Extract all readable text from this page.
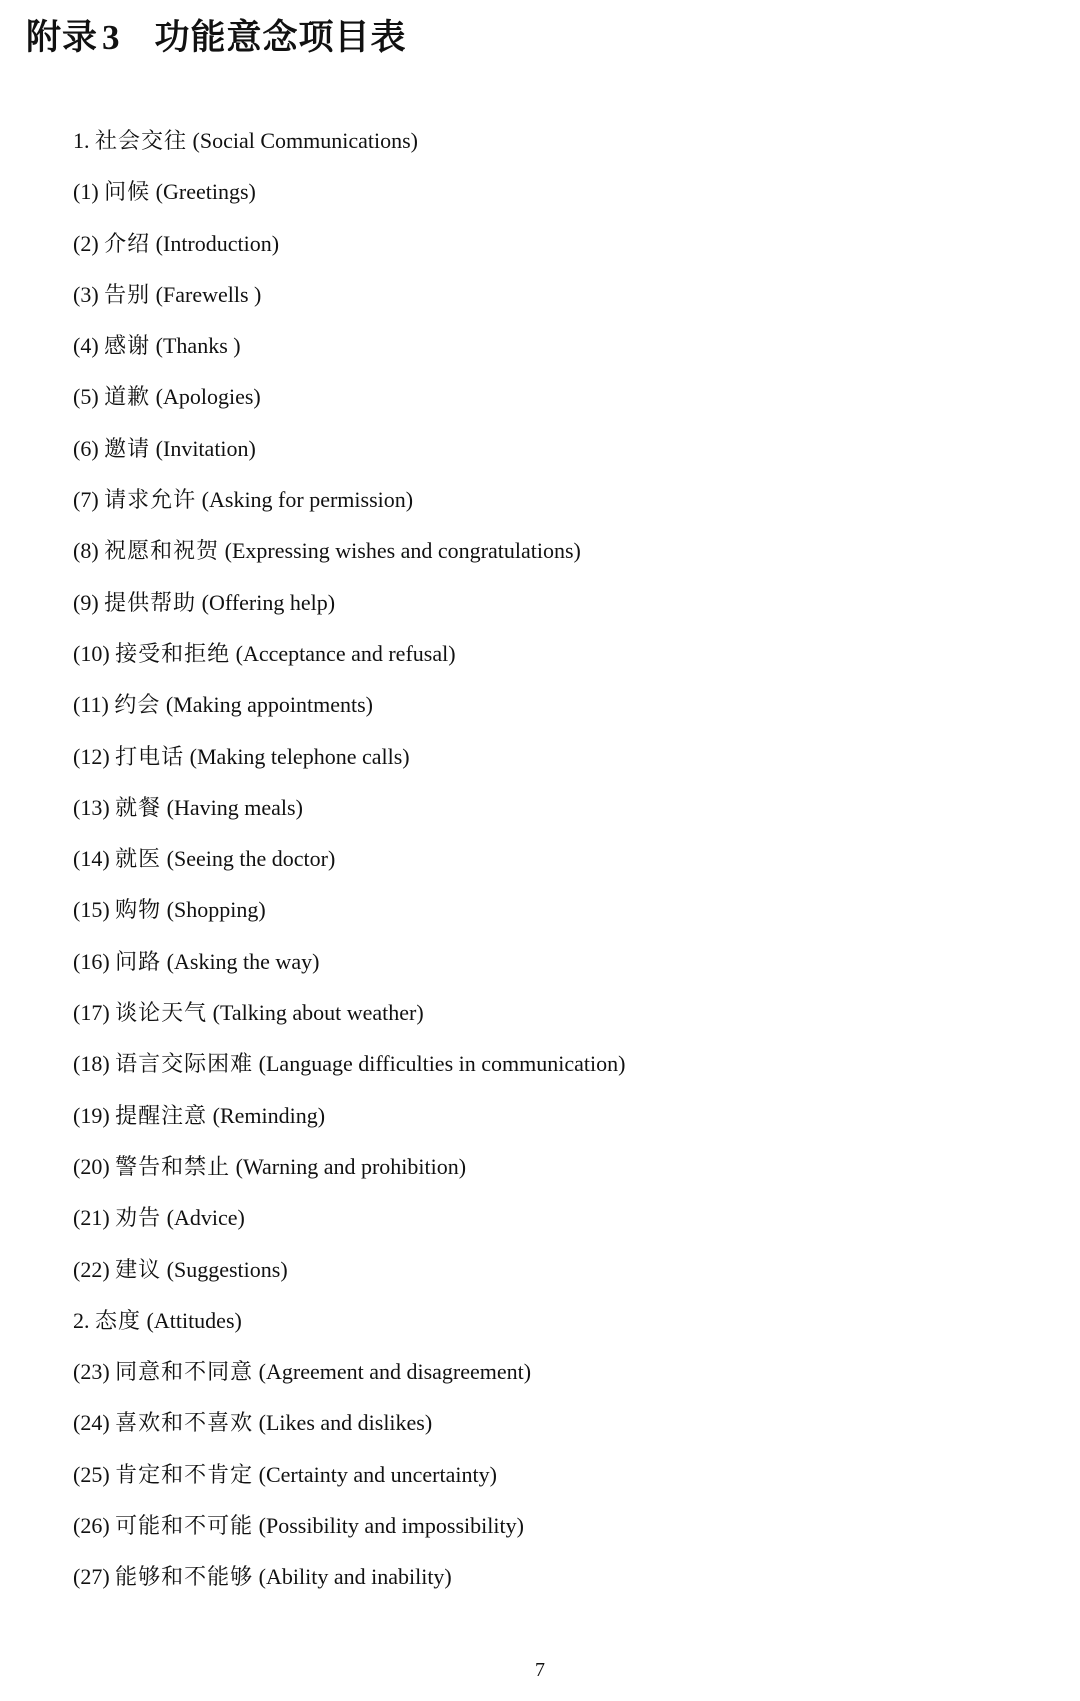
附录 3 功能意念项目表
1. 社会交往 (Social Communications)
(1) 问候 (Greetings)
(2) 介绍 (Introduction)
(3) 告别 (Farewells )
(4) 感谢 (Thanks )
(5) 道歉 (Apologies)
(6) 邀请 (Invitation)
(7) 请求允许 (Asking for permission)
(8) 祝愿和祝贺 (Expressing wishes and congratulations)
(9) 提供帮助 (Offering help)
(10) 接受和拒绝 (Acceptance and refusal)
(11) 约会 (Making appointments)
(12) 打电话 (Making telephone calls)
(13) 就餐 (Having meals)
(14) 就医 (Seeing the doctor)
(15) 购物 (Shopping)
(16) 问路 (Asking the way)
(17) 谈论天气 (Talking about weather)
(18) 语言交际困难 (Language difficulties in communication)
(19) 提醒注意 (Reminding)
(20) 警告和禁止 (Warning and prohibition)
(21) 劝告 (Advice)
(22) 建议 (Suggestions)
2. 态度 (Attitudes)
(23) 同意和不同意 (Agreement and disagreement)
(24) 喜欢和不喜欢 (Likes and dislikes)
(25) 肯定和不肯定 (Certainty and uncertainty)
(26) 可能和不可能 (Possibility and impossibility)
(27) 能够和不能够 (Ability and inability)
7
